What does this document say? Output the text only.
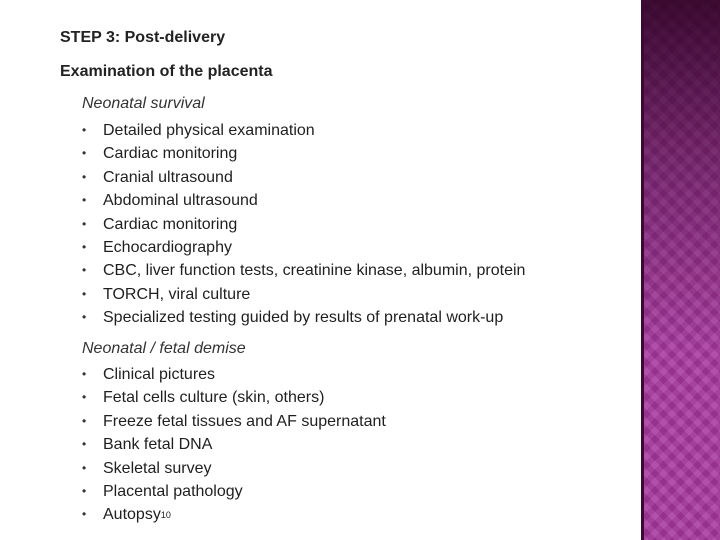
STEP 3: Post-delivery
Examination of the placenta
Neonatal survival
•	Detailed physical examination
•	Cardiac monitoring
•	Cranial ultrasound
•	Abdominal ultrasound
•	Cardiac monitoring
•	Echocardiography
•	CBC, liver function tests, creatinine kinase, albumin, protein
•	TORCH, viral culture
•	Specialized testing guided by results of prenatal work-up
Neonatal / fetal demise
•	Clinical pictures
•	Fetal cells culture (skin, others)
•	Freeze fetal tissues and AF supernatant
•	Bank fetal DNA
•	Skeletal survey
•	Placental pathology
•	Autopsy 10
